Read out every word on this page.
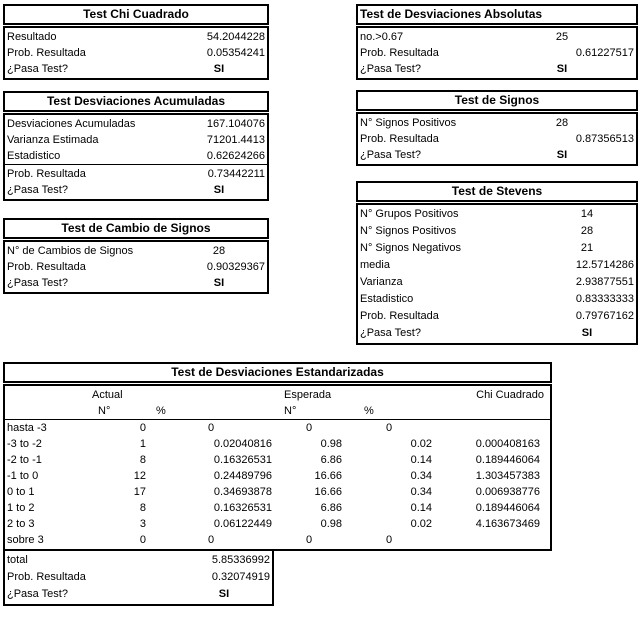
Test Chi Cuadrado
Resultado	54.2044228
Prob. Resultada	0.05354241
¿Pasa Test?	SI
Test de Desviaciones Absolutas
no.>0.67	25
Prob. Resultada	0.61227517
¿Pasa Test?	SI
Test Desviaciones Acumuladas
Desviaciones Acumuladas	167.104076
Varianza Estimada	71201.4413
Estadistico	0.62624266
Prob. Resultada	0.73442211
¿Pasa Test?	SI
Test de Signos
N° Signos Positivos	28
Prob. Resultada	0.87356513
¿Pasa Test?	SI
Test de Cambio de Signos
N° de Cambios de Signos	28
Prob. Resultada	0.90329367
¿Pasa Test?	SI
Test de Stevens
N° Grupos Positivos	14
N° Signos Positivos	28
N° Signos Negativos	21
media	12.5714286
Varianza	2.93877551
Estadistico	0.83333333
Prob. Resultada	0.79767162
¿Pasa Test?	SI
Test de Desviaciones Estandarizadas
Actual	Esperada	Chi Cuadrado
N°	%	N°	%
hasta -3	0	0	0	0
-3 to -2	1	0.02040816	0.98	0.02	0.000408163
-2 to -1	8	0.16326531	6.86	0.14	0.189446064
-1 to 0	12	0.24489796	16.66	0.34	1.303457383
0 to 1	17	0.34693878	16.66	0.34	0.006938776
1 to 2	8	0.16326531	6.86	0.14	0.189446064
2 to 3	3	0.06122449	0.98	0.02	4.163673469
sobre 3	0	0	0	0
total	5.85336992
Prob. Resultada	0.32074919
¿Pasa Test?	SI
